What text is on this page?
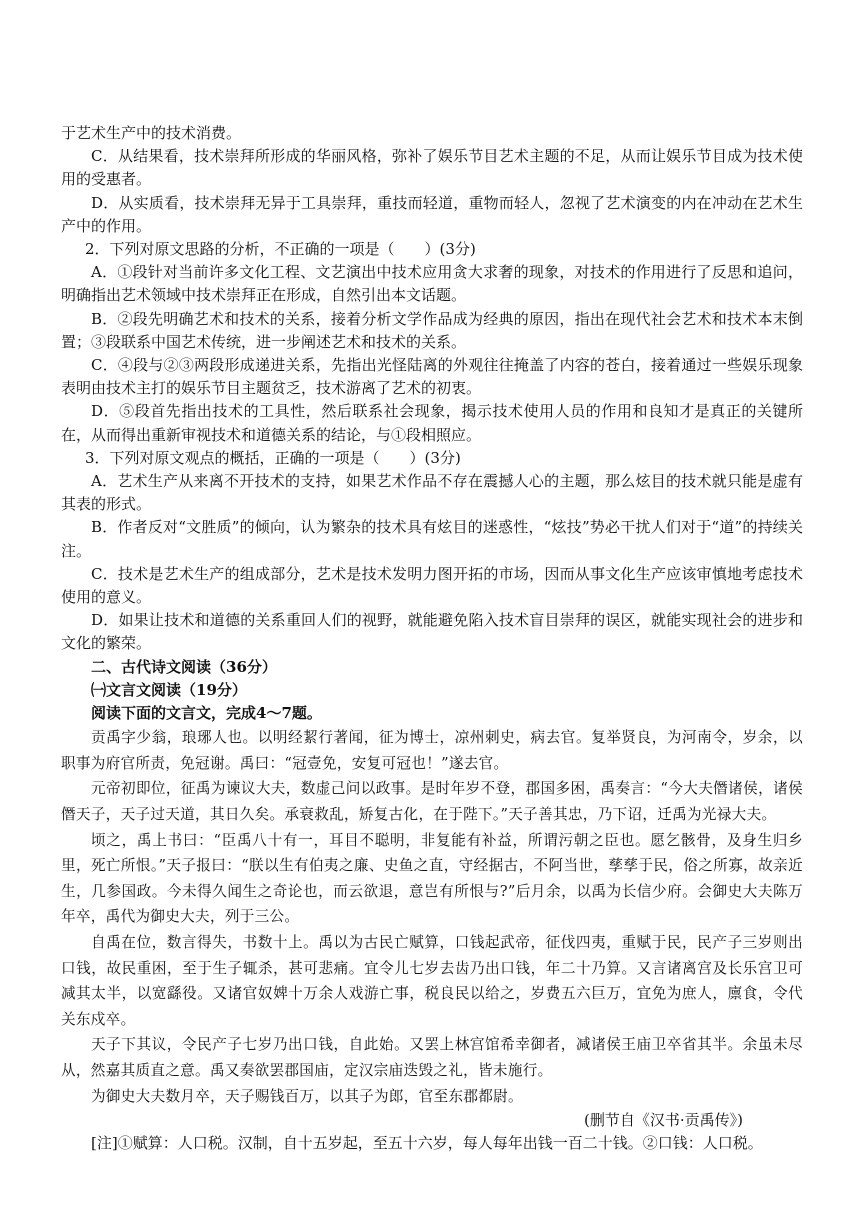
于艺术生产中的技术消费。

C．从结果看，技术崇拜所形成的华丽风格，弥补了娱乐节目艺术主题的不足，从而让娱乐节目成为技术使用的受惠者。

D．从实质看，技术崇拜无异于工具崇拜，重技而轻道，重物而轻人，忽视了艺术演变的内在冲动在艺术生产中的作用。

2．下列对原文思路的分析，不正确的一项是（　　）(3分)

A．①段针对当前许多文化工程、文艺演出中技术应用贪大求奢的现象，对技术的作用进行了反思和追问，明确指出艺术领域中技术崇拜正在形成，自然引出本文话题。

B．②段先明确艺术和技术的关系，接着分析文学作品成为经典的原因，指出在现代社会艺术和技术本末倒置；③段联系中国艺术传统，进一步阐述艺术和技术的关系。

C．④段与②③两段形成递进关系，先指出光怪陆离的外观往往掩盖了内容的苍白，接着通过一些娱乐现象表明由技术主打的娱乐节目主题贫乏，技术游离了艺术的初衷。

D．⑤段首先指出技术的工具性，然后联系社会现象，揭示技术使用人员的作用和良知才是真正的关键所在，从而得出重新审视技术和道德关系的结论，与①段相照应。

3．下列对原文观点的概括，正确的一项是（　　）(3分)

A．艺术生产从来离不开技术的支持，如果艺术作品不存在震撼人心的主题，那么炫目的技术就只能是虚有其表的形式。

B．作者反对“文胜质”的倾向，认为繁杂的技术具有炫目的迷惑性，“炫技”势必干扰人们对于“道”的持续关注。

C．技术是艺术生产的组成部分，艺术是技术发明力图开拓的市场，因而从事文化生产应该审慎地考虑技术使用的意义。

D．如果让技术和道德的关系重回人们的视野，就能避免陷入技术盲目崇拜的误区，就能实现社会的进步和文化的繁荣。

二、古代诗文阅读（36分）

㈠文言文阅读（19分）

阅读下面的文言文，完成4～7题。

贡禹字少翁，琅琊人也。以明经絜行著闻，征为博士，凉州刺史，病去官。复举贤良，为河南令，岁余，以职事为府官所责，免冠谢。禹曰：“冠壹免，安复可冠也！”遂去官。

元帝初即位，征禹为谏议大夫，数虚己问以政事。是时年岁不登，郡国多困，禹奏言：“今大夫僭诸侯，诸侯僭天子，天子过天道，其日久矣。承衰救乱，矫复古化，在于陛下。”天子善其忠，乃下诏，迁禹为光禄大夫。

顷之，禹上书曰：“臣禹八十有一，耳目不聪明，非复能有补益，所谓污朝之臣也。愿乞骸骨，及身生归乡里，死亡所恨。”天子报曰：“朕以生有伯夷之廉、史鱼之直，守经据古，不阿当世，孳孳于民，俗之所寡，故亲近生，几参国政。今未得久闻生之奇论也，而云欲退，意岂有所恨与?”后月余，以禹为长信少府。会御史大夫陈万年卒，禹代为御史大夫，列于三公。

自禹在位，数言得失，书数十上。禹以为古民亡赋算，口钱起武帝，征伐四夷，重赋于民，民产子三岁则出口钱，故民重困，至于生子辄杀，甚可悲痛。宜令儿七岁去齿乃出口钱，年二十乃算。又言诸离宫及长乐宫卫可减其太半，以宽繇役。又诸官奴婢十万余人戏游亡事，税良民以给之，岁费五六巨万，宜免为庶人，廪食，令代关东戍卒。

天子下其议，令民产子七岁乃出口钱，自此始。又罢上林宫馆希幸御者，减诸侯王庙卫卒省其半。余虽未尽从，然嘉其质直之意。禹又奏欲罢郡国庙，定汉宗庙迭毁之礼，皆未施行。

为御史大夫数月卒，天子赐钱百万，以其子为郎，官至东郡都尉。

(删节自《汉书·贡禹传》)

[注]①赋算：人口税。汉制，自十五岁起，至五十六岁，每人每年出钱一百二十钱。②口钱：人口税。
